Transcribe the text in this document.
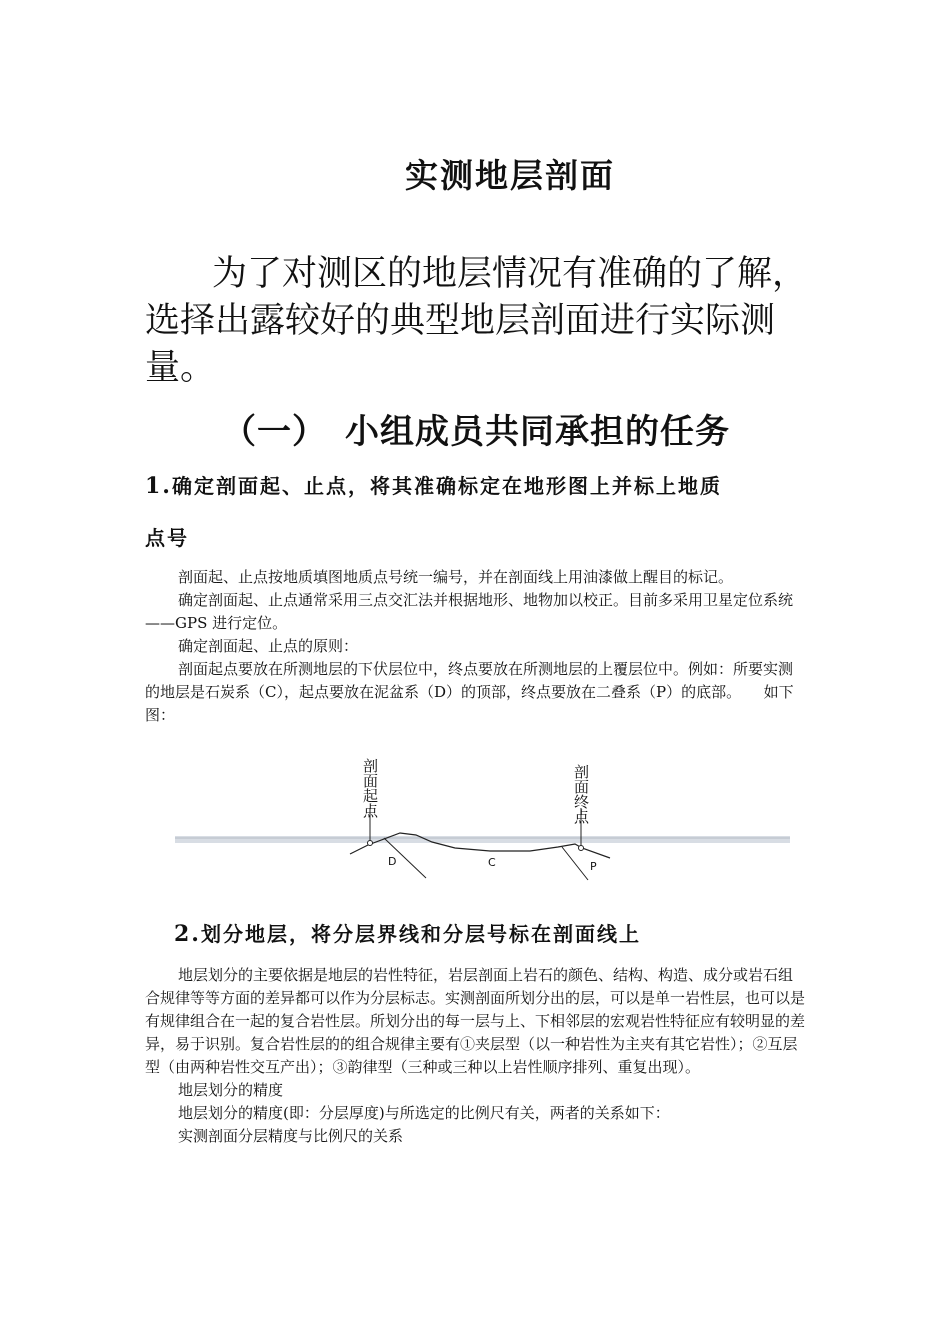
实测地层剖面

为了对测区的地层情况有准确的了解，

选择出露较好的典型地层剖面进行实际测

量。

（一）　小组成员共同承担的任务
1.确定剖面起、止点，将其准确标定在地形图上并标上地质
点号

剖面起、止点按地质填图地质点号统一编号，并在剖面线上用油漆做上醒目的标记。

确定剖面起、止点通常采用三点交汇法并根据地形、地物加以校正。目前多采用卫星定位系统——GPS 进行定位。

确定剖面起、止点的原则：

剖面起点要放在所测地层的下伏层位中，终点要放在所测地层的上覆层位中。例如：所要实测的地层是石炭系（C），起点要放在泥盆系（D）的顶部，终点要放在二叠系（P）的底部。　　如下图：

剖面起点	剖面终点
D	C	P
2.划分地层，将分层界线和分层号标在剖面线上

地层划分的主要依据是地层的岩性特征，岩层剖面上岩石的颜色、结构、构造、成分或岩石组合规律等等方面的差异都可以作为分层标志。实测剖面所划分出的层，可以是单一岩性层，也可以是有规律组合在一起的复合岩性层。所划分出的每一层与上、下相邻层的宏观岩性特征应有较明显的差异，易于识别。复合岩性层的的组合规律主要有①夹层型（以一种岩性为主夹有其它岩性）；②互层型（由两种岩性交互产出）；③韵律型（三种或三种以上岩性顺序排列、重复出现）。

地层划分的精度

地层划分的精度(即：分层厚度)与所选定的比例尺有关，两者的关系如下：

实测剖面分层精度与比例尺的关系
